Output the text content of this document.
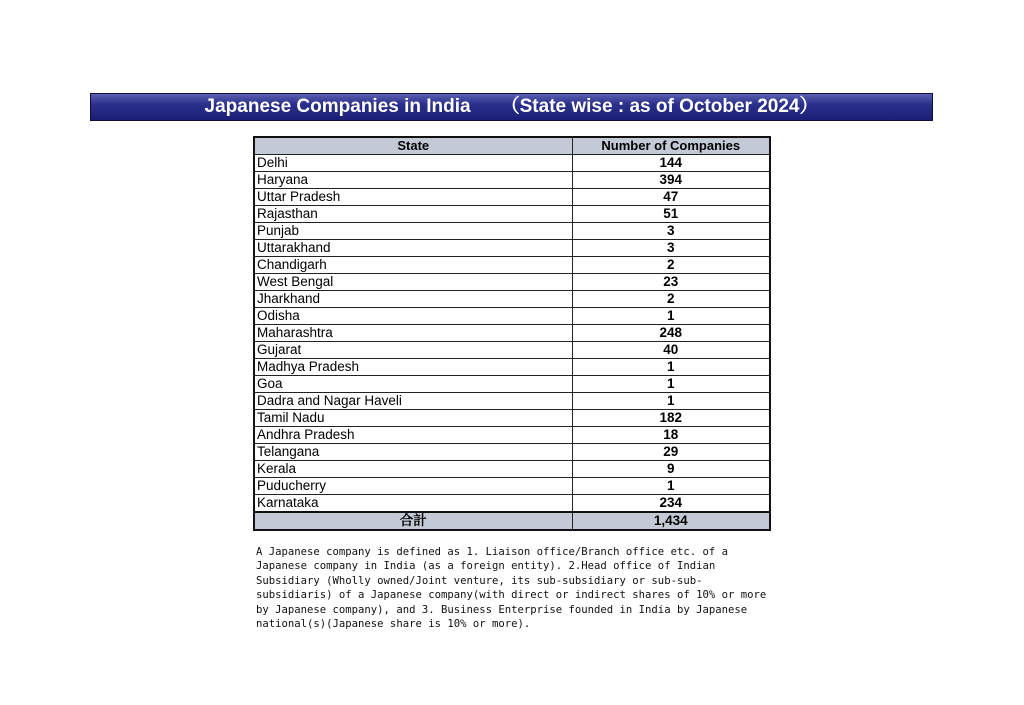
Japanese Companies in India （State wise : as of October 2024）
State	Number of Companies
Delhi	144
Haryana	394
Uttar Pradesh	47
Rajasthan	51
Punjab	3
Uttarakhand	3
Chandigarh	2
West Bengal	23
Jharkhand	2
Odisha	1
Maharashtra	248
Gujarat	40
Madhya Pradesh	1
Goa	1
Dadra and Nagar Haveli	1
Tamil Nadu	182
Andhra Pradesh	18
Telangana	29
Kerala	9
Puducherry	1
Karnataka	234
合計	1,434
A Japanese company is defined as 1. Liaison office/Branch office etc. of a
Japanese company in India (as a foreign entity). 2.Head office of Indian
Subsidiary (Wholly owned/Joint venture, its sub-subsidiary or sub-sub-
subsidiaris) of a Japanese company(with direct or indirect shares of 10% or more
by Japanese company), and 3. Business Enterprise founded in India by Japanese
national(s)(Japanese share is 10% or more).
